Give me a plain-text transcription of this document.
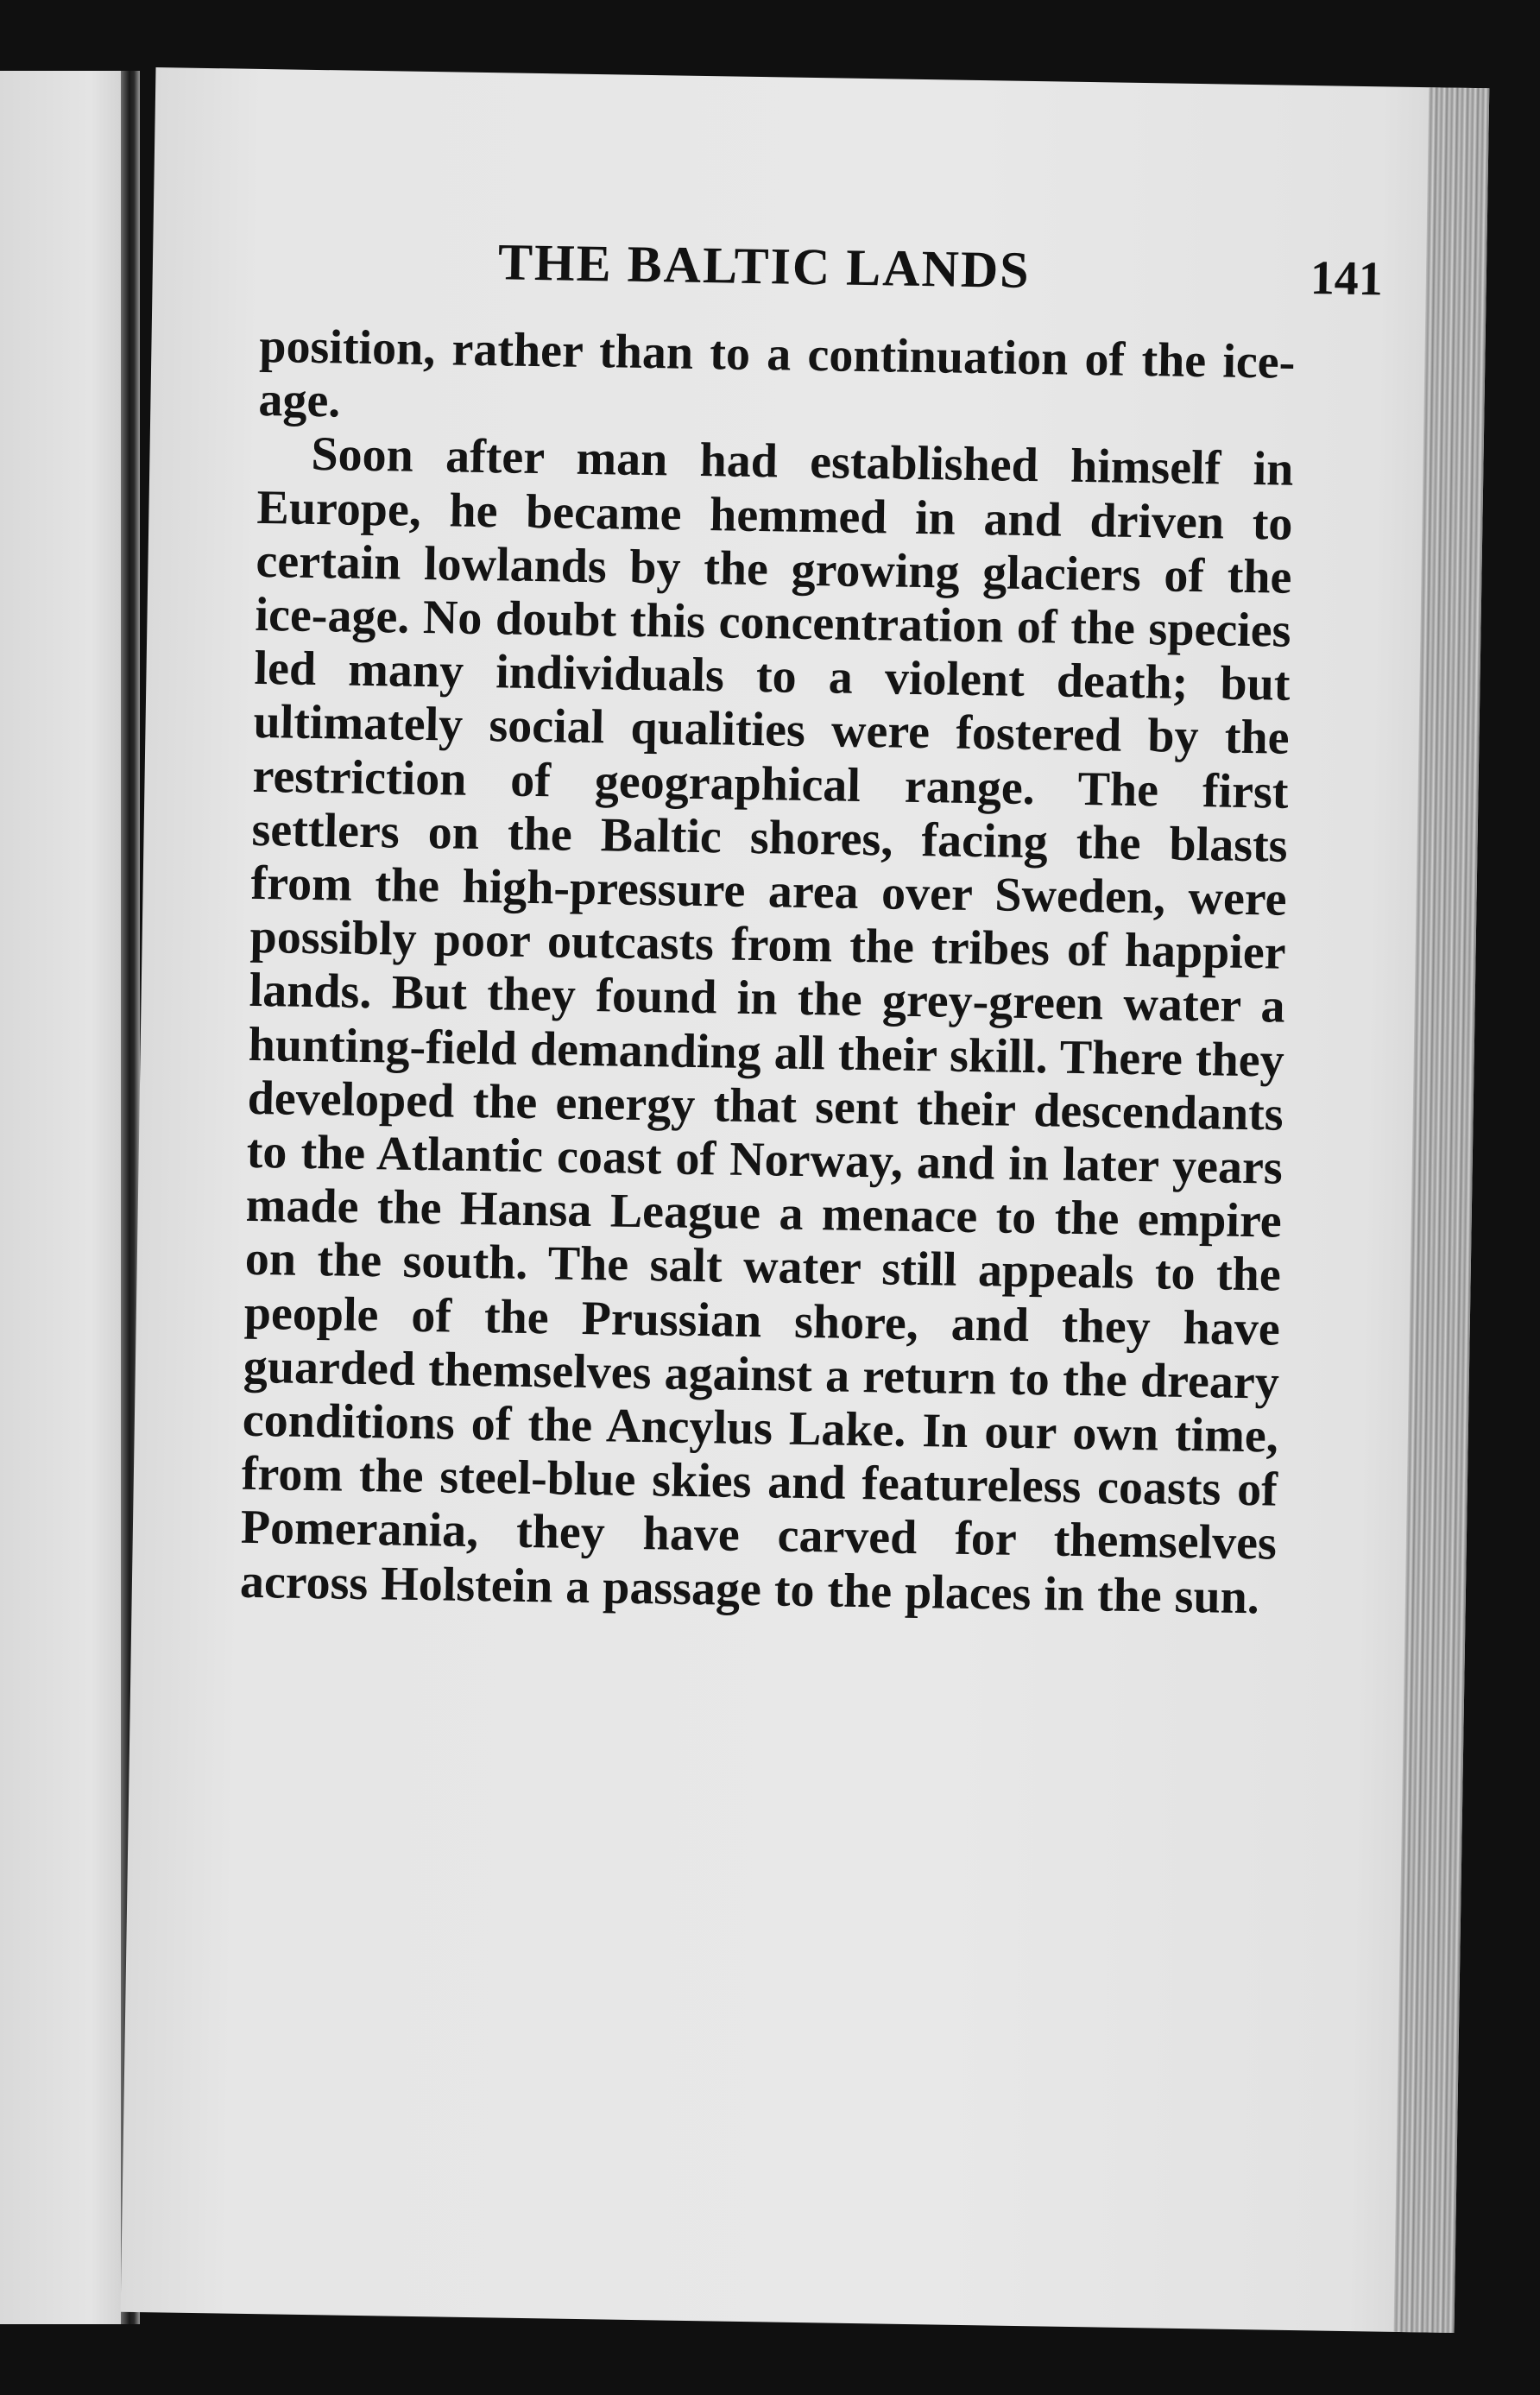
THE BALTIC LANDS	141

position, rather than to a continuation of the ice-age.

Soon after man had established himself in Europe, he became hemmed in and driven to certain lowlands by the growing glaciers of the ice-age. No doubt this concentration of the species led many individuals to a violent death; but ultimately social qualities were fostered by the restriction of geographical range. The first settlers on the Baltic shores, facing the blasts from the high-pressure area over Sweden, were possibly poor outcasts from the tribes of happier lands. But they found in the grey-green water a hunting-field demanding all their skill. There they developed the energy that sent their descendants to the Atlantic coast of Norway, and in later years made the Hansa League a menace to the empire on the south. The salt water still appeals to the people of the Prussian shore, and they have guarded themselves against a return to the dreary conditions of the Ancylus Lake. In our own time, from the steel-blue skies and featureless coasts of Pomerania, they have carved for themselves across Holstein a passage to the places in the sun.
